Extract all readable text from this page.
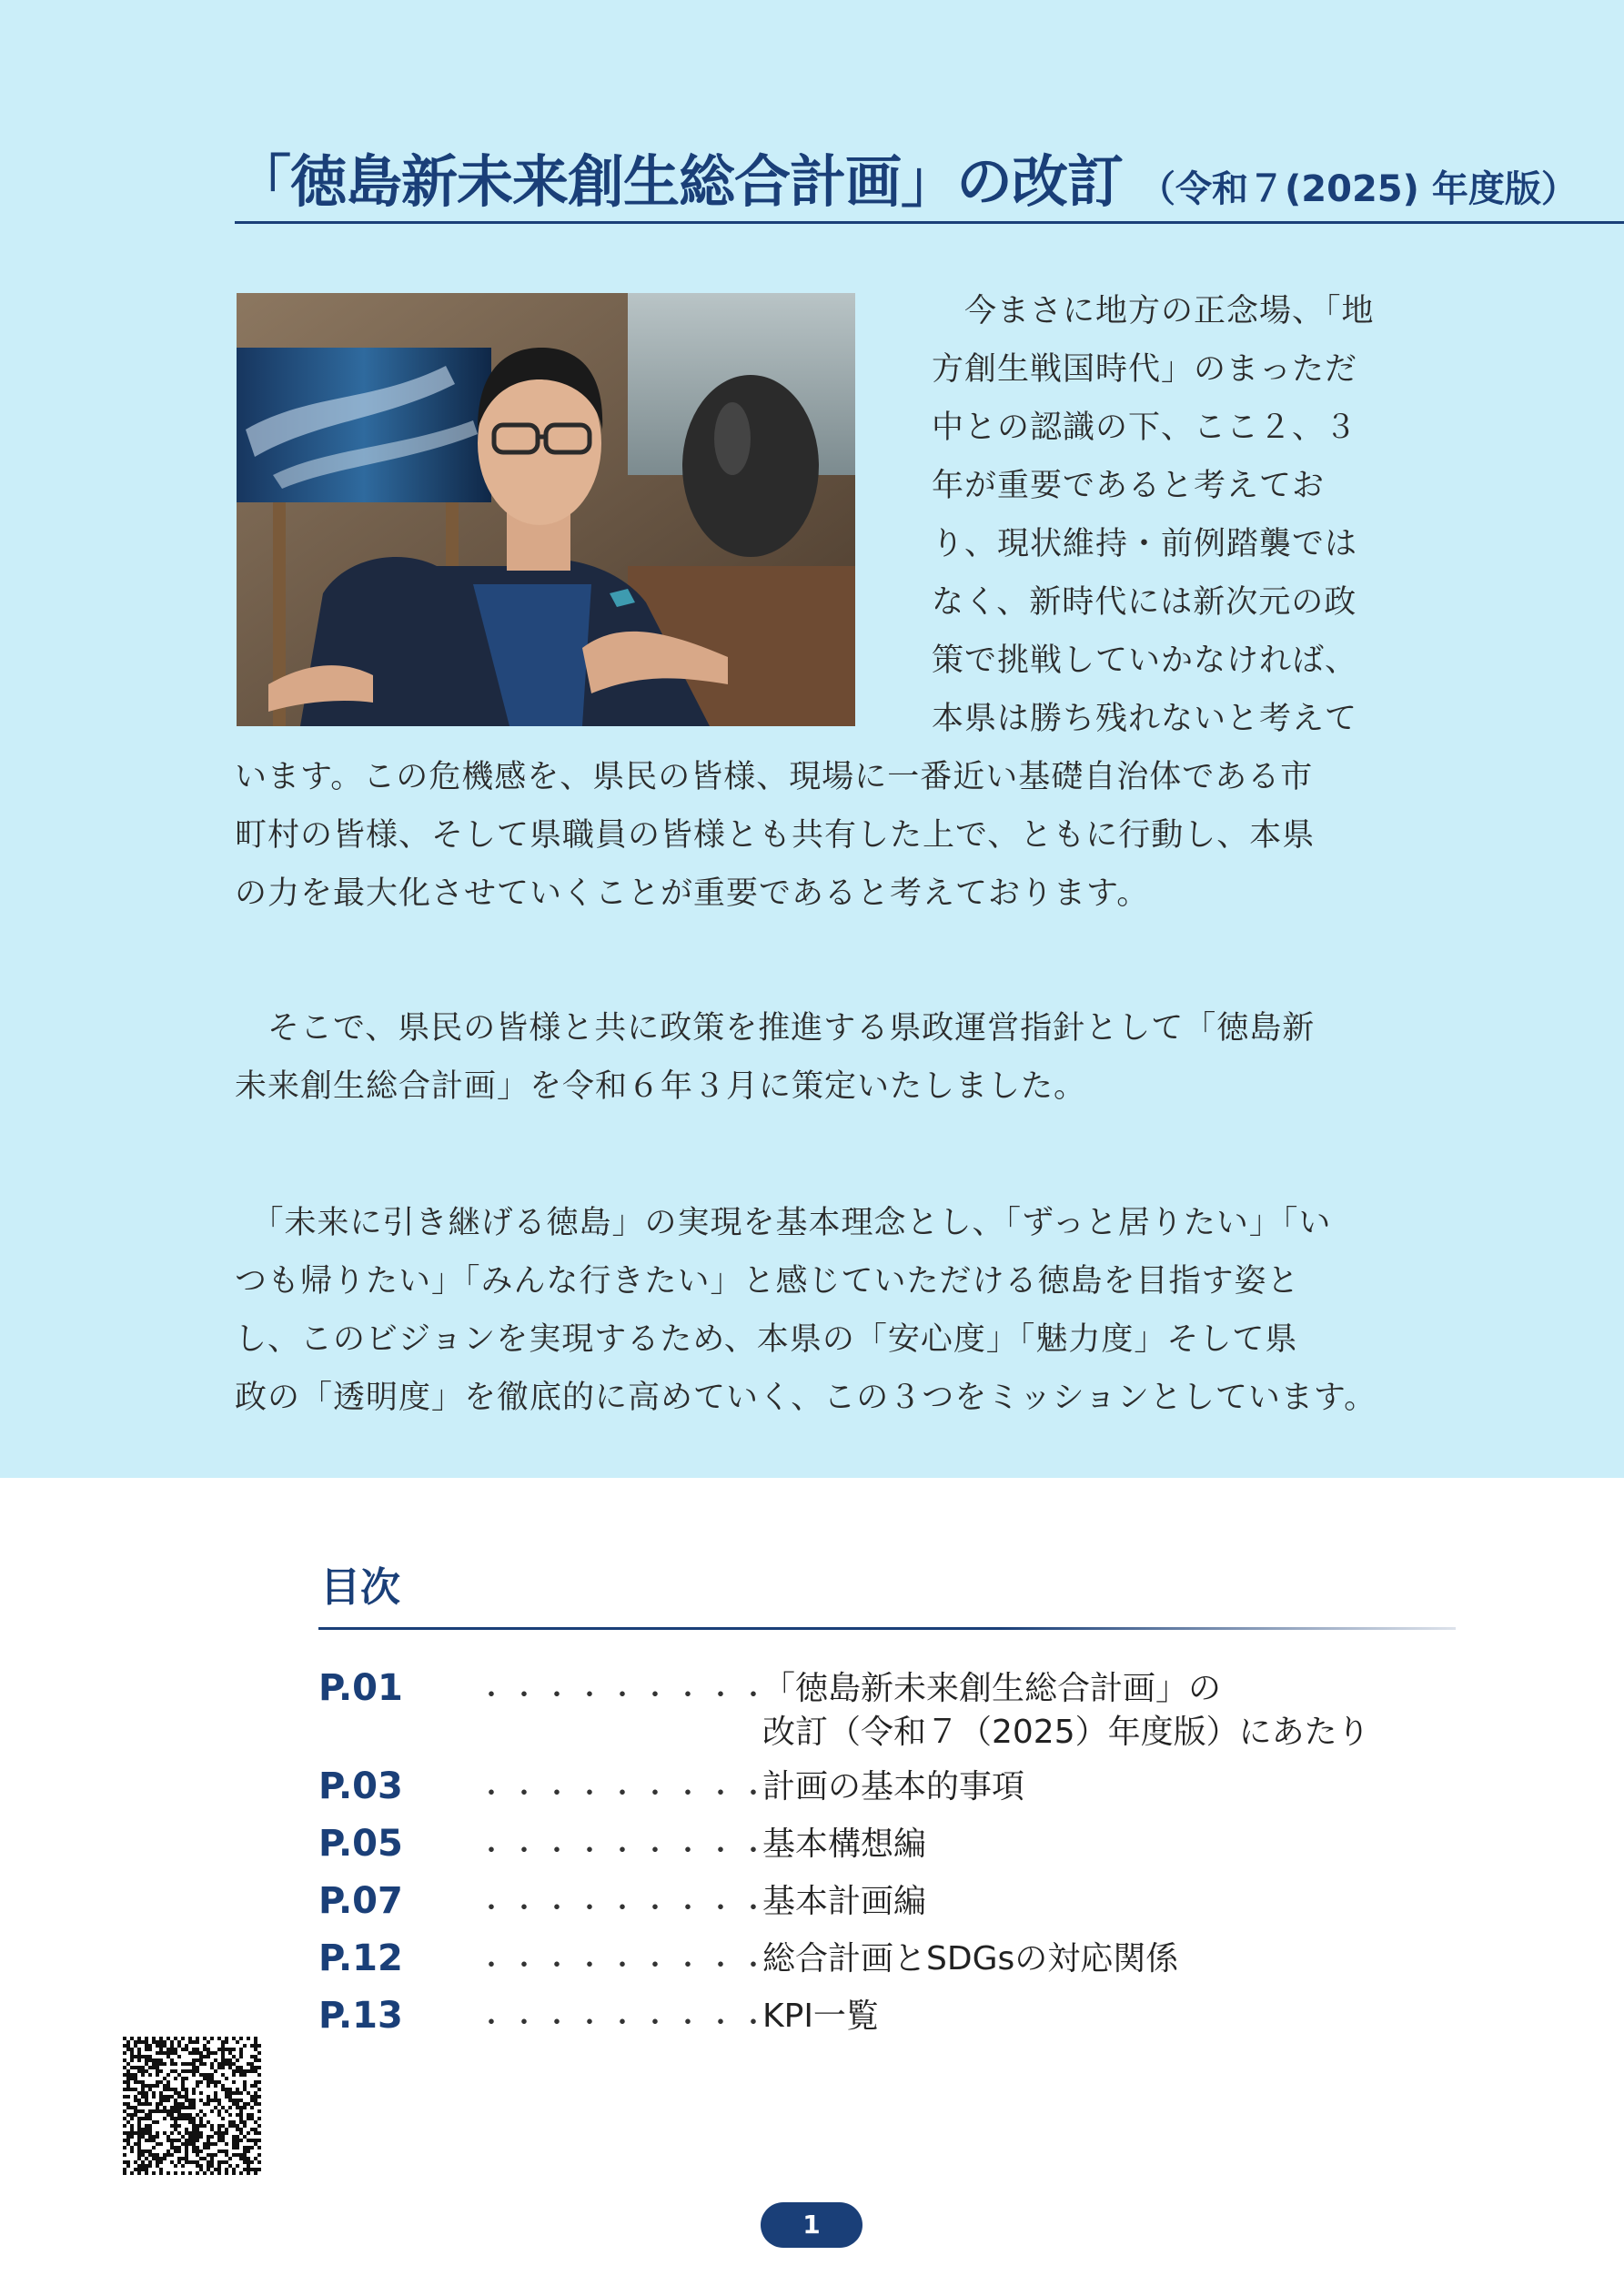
「徳島新未来創生総合計画」の改訂 （令和７(2025) 年度版）
　今まさに地方の正念場、「地
方創生戦国時代」のまっただ
中との認識の下、ここ２、３
年が重要であると考えてお
り、現状維持・前例踏襲では
なく、新時代には新次元の政
策で挑戦していかなければ、
本県は勝ち残れないと考えて
います。この危機感を、県民の皆様、現場に一番近い基礎自治体である市
町村の皆様、そして県職員の皆様とも共有した上で、ともに行動し、本県
の力を最大化させていくことが重要であると考えております。
　そこで、県民の皆様と共に政策を推進する県政運営指針として「徳島新
未来創生総合計画」を令和６年３月に策定いたしました。
　「未来に引き継げる徳島」の実現を基本理念とし、「ずっと居りたい」「い
つも帰りたい」「みんな行きたい」と感じていただける徳島を目指す姿と
し、このビジョンを実現するため、本県の「安心度」「魅力度」そして県
政の「透明度」を徹底的に高めていく、この３つをミッションとしています。
目次
P.01	・・・・・・・・・
「徳島新未来創生総合計画」の
改訂（令和７（2025）年度版）にあたり
P.03	・・・・・・・・・
計画の基本的事項
P.05	・・・・・・・・・
基本構想編
P.07	・・・・・・・・・
基本計画編
P.12	・・・・・・・・・
総合計画とSDGsの対応関係
P.13	・・・・・・・・・
KPI一覧
1
